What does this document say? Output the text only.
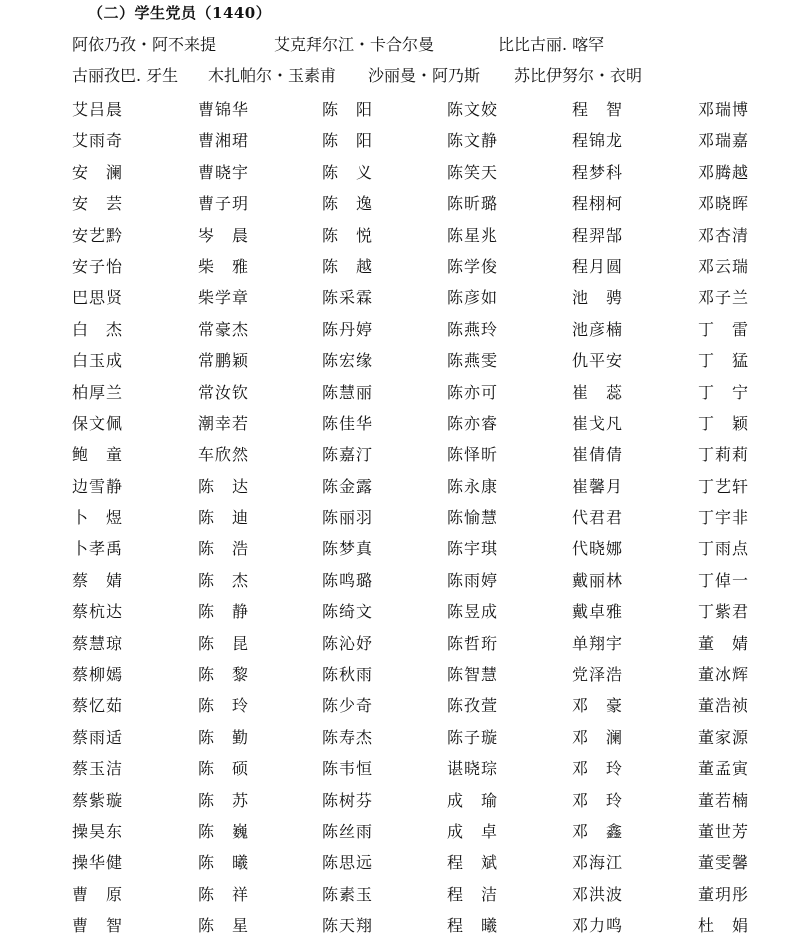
（二）学生党员（1440）
阿依乃孜・阿不来提	艾克拜尔江・卡合尔曼	比比古丽. 喀罕
古丽孜巴. 牙生 木扎帕尔・玉素甫 沙丽曼・阿乃斯 苏比伊努尔・衣明
艾吕晨	曹锦华	陈阳	陈文姣	程智	邓瑞博
艾雨奇	曹湘珺	陈阳	陈文静	程锦龙	邓瑞嘉
安澜	曹晓宇	陈义	陈笑天	程梦科	邓腾越
安芸	曹子玥	陈逸	陈昕璐	程栩柯	邓晓晖
安艺黔	岑晨	陈悦	陈星兆	程羿郜	邓杏清
安子怡	柴雅	陈越	陈学俊	程月圆	邓云瑞
巴思贤	柴学章	陈采霖	陈彦如	池骋	邓子兰
白杰	常豪杰	陈丹婷	陈燕玲	池彦楠	丁雷
白玉成	常鹏颖	陈宏缘	陈燕雯	仇平安	丁猛
柏厚兰	常汝钦	陈慧丽	陈亦可	崔蕊	丁宁
保文佩	潮幸若	陈佳华	陈亦睿	崔戈凡	丁颖
鲍童	车欣然	陈嘉汀	陈怿昕	崔倩倩	丁莉莉
边雪静	陈达	陈金露	陈永康	崔馨月	丁艺轩
卜煜	陈迪	陈丽羽	陈愉慧	代君君	丁宇非
卜孝禹	陈浩	陈梦真	陈宇琪	代晓娜	丁雨点
蔡婧	陈杰	陈鸣璐	陈雨婷	戴丽林	丁倬一
蔡杭达	陈静	陈绮文	陈昱成	戴卓雅	丁紫君
蔡慧琼	陈昆	陈沁妤	陈哲珩	单翔宇	董婧
蔡柳嫣	陈黎	陈秋雨	陈智慧	党泽浩	董冰辉
蔡忆茹	陈玲	陈少奇	陈孜萱	邓豪	董浩祯
蔡雨适	陈勤	陈寿杰	陈子璇	邓澜	董家源
蔡玉洁	陈硕	陈韦恒	谌晓琮	邓玲	董孟寅
蔡紫璇	陈苏	陈树芬	成瑜	邓玲	董若楠
操昊东	陈巍	陈丝雨	成卓	邓鑫	董世芳
操华健	陈曦	陈思远	程斌	邓海江	董雯馨
曹原	陈祥	陈素玉	程洁	邓洪波	董玥彤
曹智	陈星	陈天翔	程曦	邓力鸣	杜娟
